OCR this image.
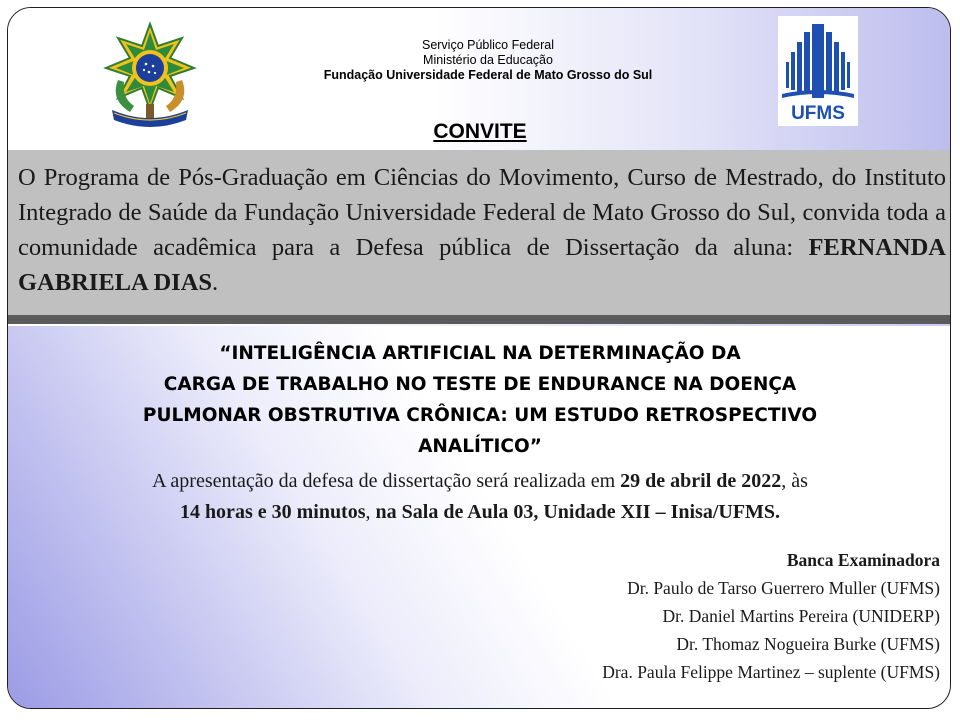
Serviço Público Federal
Ministério da Educação
Fundação Universidade Federal de Mato Grosso do Sul
UFMS
CONVITE

O Programa de Pós-Graduação em Ciências do Movimento, Curso de Mestrado, do Instituto Integrado de Saúde da Fundação Universidade Federal de Mato Grosso do Sul, convida toda a comunidade acadêmica para a Defesa pública de Dissertação da aluna: FERNANDA GABRIELA DIAS.

“INTELIGÊNCIA ARTIFICIAL NA DETERMINAÇÃO DA
CARGA DE TRABALHO NO TESTE DE ENDURANCE NA DOENÇA
PULMONAR OBSTRUTIVA CRÔNICA: UM ESTUDO RETROSPECTIVO
ANALÍTICO”
A apresentação da defesa de dissertação será realizada em 29 de abril de 2022, às
14 horas e 30 minutos, na Sala de Aula 03, Unidade XII – Inisa/UFMS.
Banca Examinadora
Dr. Paulo de Tarso Guerrero Muller (UFMS)
Dr. Daniel Martins Pereira (UNIDERP)
Dr. Thomaz Nogueira Burke (UFMS)
Dra. Paula Felippe Martinez – suplente (UFMS)
